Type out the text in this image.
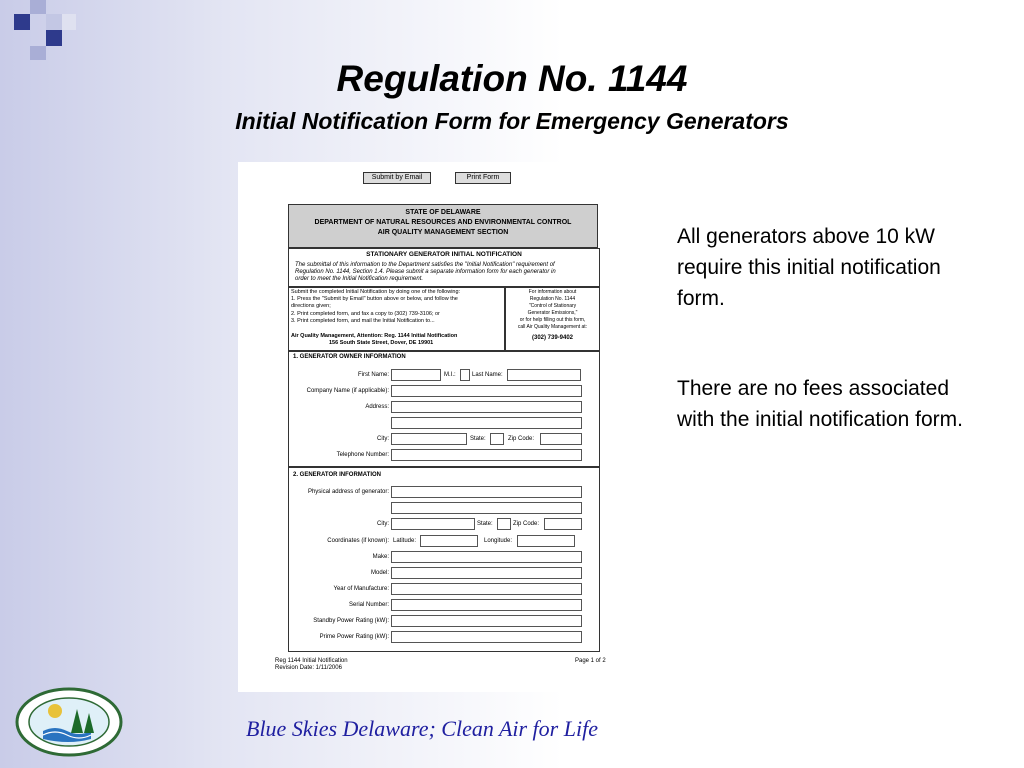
Regulation No. 1144
Initial Notification Form for Emergency Generators
Submit by Email	Print Form
STATE OF DELAWARE
DEPARTMENT OF NATURAL RESOURCES AND ENVIRONMENTAL CONTROL
AIR QUALITY MANAGEMENT SECTION
STATIONARY GENERATOR INITIAL NOTIFICATION
The submittal of this information to the Department satisfies the "Initial Notification" requirement of
Regulation No. 1144, Section 1.4. Please submit a separate information form for each generator in
order to meet the Initial Notification requirement.
Submit the completed Initial Notification by doing one of the following:
1. Press the "Submit by Email" button above or below, and follow the
directions given;
2. Print completed form, and fax a copy to (302) 739-3106; or
3. Print completed form, and mail the Initial Notification to...
Air Quality Management, Attention: Reg. 1144 Initial Notification
156 South State Street, Dover, DE 19901
For information about
Regulation No. 1144
"Control of Stationary
Generator Emissions,"
or for help filling out this form,
call Air Quality Management at:
(302) 739-9402
1. GENERATOR OWNER INFORMATION
First Name:	M.I.:	Last Name:
Company Name (if applicable):
Address:
City:	State:	Zip Code:
Telephone Number:
2. GENERATOR INFORMATION
Physical address of generator:
City:	State:	Zip Code:
Coordinates (if known): Latitude:	Longitude:
Make:
Model:
Year of Manufacture:
Serial Number:
Standby Power Rating (kW):
Prime Power Rating (kW):
Reg 1144 Initial Notification
Revision Date: 1/11/2006
Page 1 of 2
All generators above 10 kW require this initial notification form.
There are no fees associated with the initial notification form.
Blue Skies Delaware; Clean Air for Life
